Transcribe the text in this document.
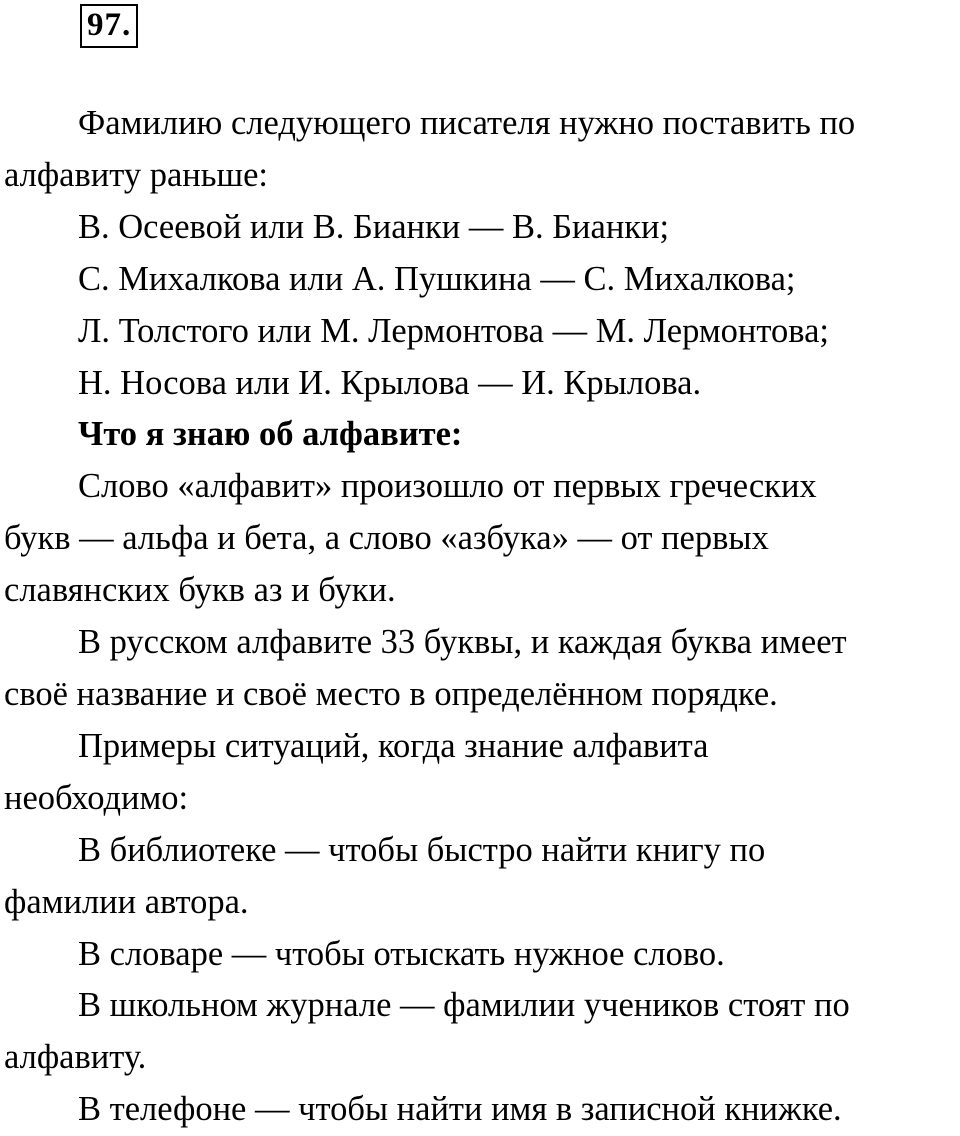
97.

Фамилию следующего писателя нужно поставить по
алфавиту раньше:

В. Осеевой или В. Бианки — В. Бианки;

С. Михалкова или А. Пушкина — С. Михалкова;

Л. Толстого или М. Лермонтова — М. Лермонтова;

Н. Носова или И. Крылова — И. Крылова.

Что я знаю об алфавите:

Слово «алфавит» произошло от первых греческих
букв — альфа и бета, а слово «азбука» — от первых
славянских букв аз и буки.

В русском алфавите 33 буквы, и каждая буква имеет
своё название и своё место в определённом порядке.

Примеры ситуаций, когда знание алфавита
необходимо:

В библиотеке — чтобы быстро найти книгу по
фамилии автора.

В словаре — чтобы отыскать нужное слово.

В школьном журнале — фамилии учеников стоят по
алфавиту.

В телефоне — чтобы найти имя в записной книжке.
